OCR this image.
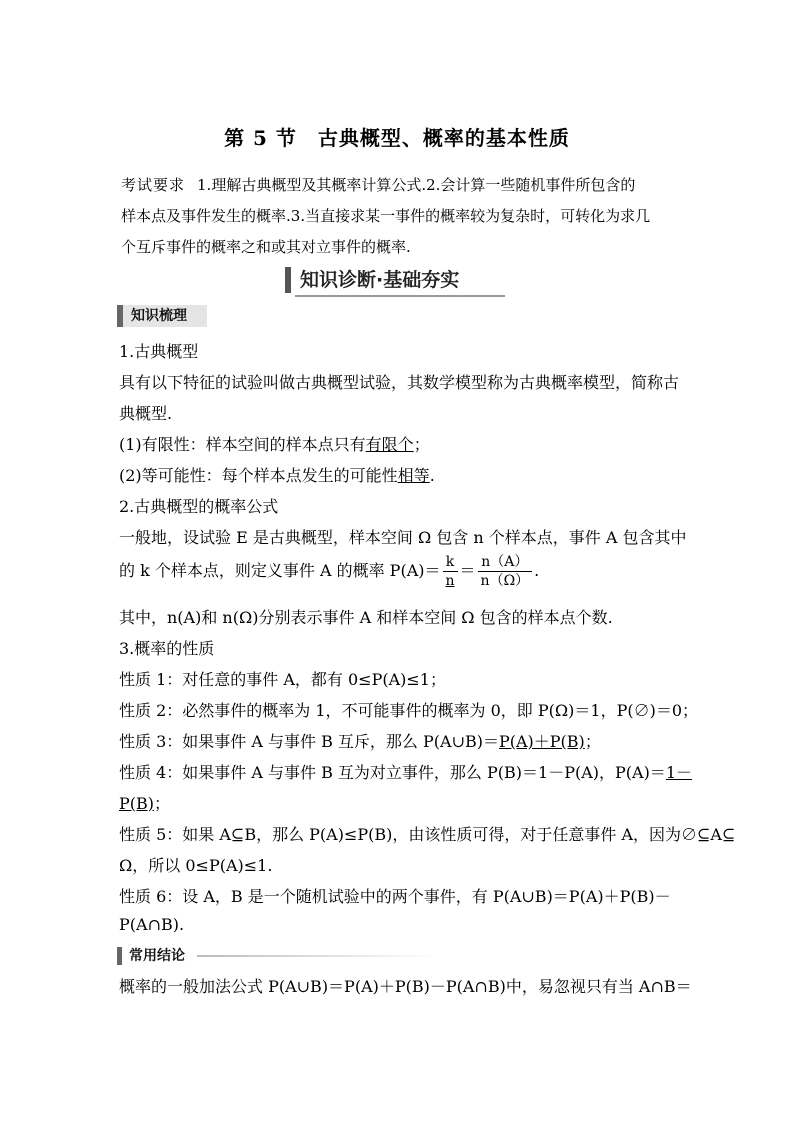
第 5 节　古典概型、概率的基本性质
考试要求 1.理解古典概型及其概率计算公式.2.会计算一些随机事件所包含的
样本点及事件发生的概率.3.当直接求某一事件的概率较为复杂时，可转化为求几
个互斥事件的概率之和或其对立事件的概率.
知识诊断·基础夯实
知识梳理
1.古典概型
具有以下特征的试验叫做古典概型试验，其数学模型称为古典概率模型，简称古
典概型.
(1)有限性：样本空间的样本点只有有限个；
(2)等可能性：每个样本点发生的可能性相等.
2.古典概型的概率公式
一般地，设试验 E 是古典概型，样本空间 Ω 包含 n 个样本点，事件 A 包含其中
的 k 个样本点，则定义事件 A 的概率 $P(A)= \frac{k}{n} = \frac{n(A)}{n(\Omega)}$ .
其中，n(A)和 n(Ω)分别表示事件 A 和样本空间 Ω 包含的样本点个数.
3.概率的性质
性质 1：对任意的事件 A，都有 0≤P(A)≤1；
性质 2：必然事件的概率为 1，不可能事件的概率为 0，即 P(Ω)＝1，P(∅)＝0；
性质 3：如果事件 A 与事件 B 互斥，那么 P(A∪B)＝P(A)＋P(B)；
性质 4：如果事件 A 与事件 B 互为对立事件，那么 P(B)＝1－P(A)，P(A)＝1－
P(B)；
性质 5：如果 A⊆B，那么 P(A)≤P(B)，由该性质可得，对于任意事件 A，因为∅⊆A⊆
Ω，所以 0≤P(A)≤1.
性质 6：设 A，B 是一个随机试验中的两个事件，有 P(A∪B)＝P(A)＋P(B)－
P(A∩B).
常用结论
概率的一般加法公式 P(A∪B)＝P(A)＋P(B)－P(A∩B)中，易忽视只有当 A∩B＝
